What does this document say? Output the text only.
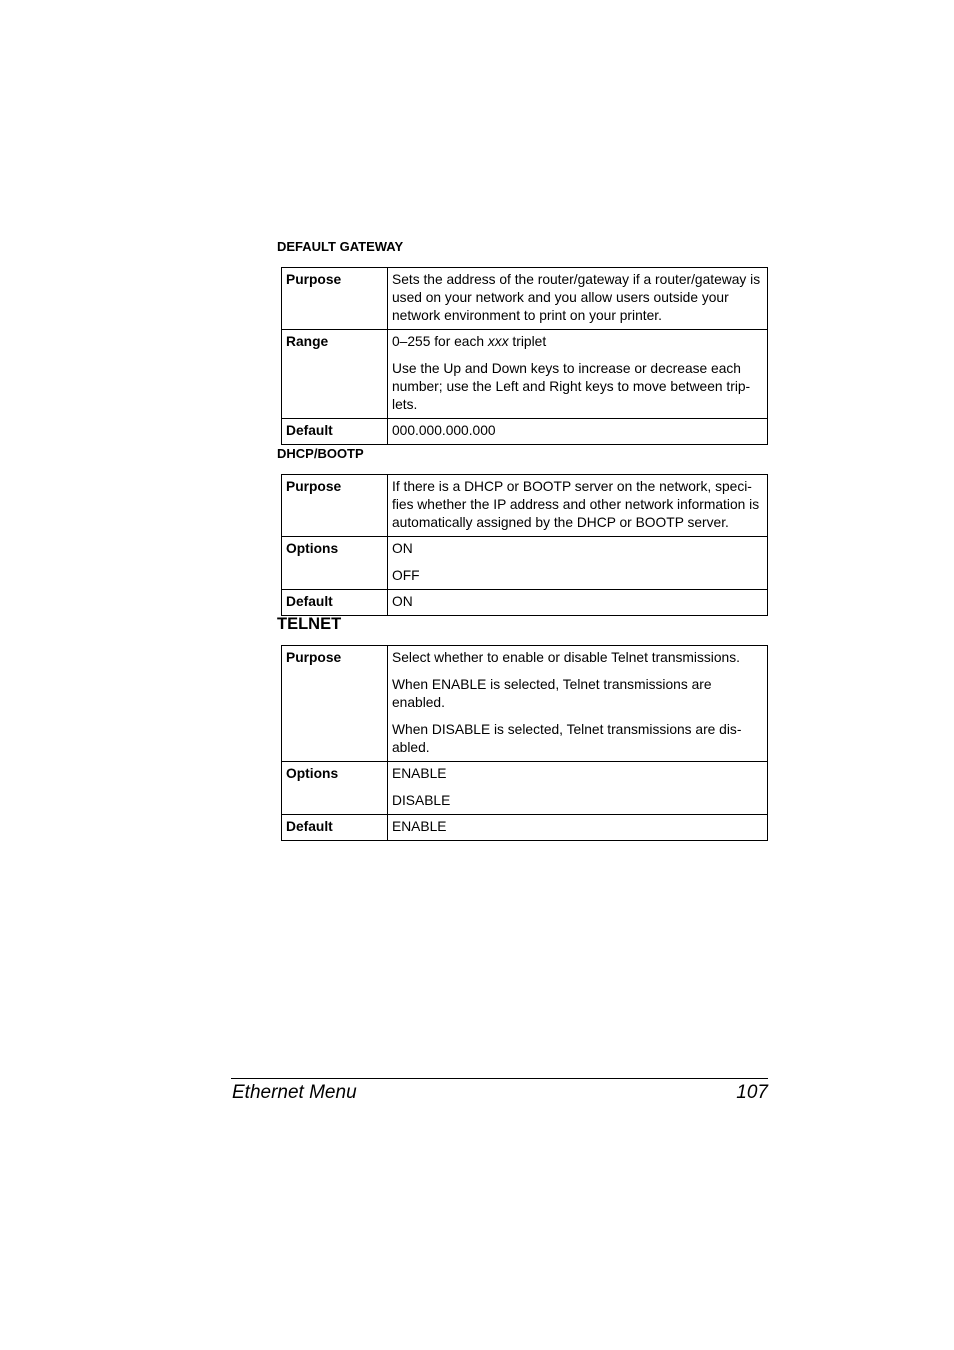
DEFAULT GATEWAY
Purpose	Sets the address of the router/gateway if a router/gateway is used on your network and you allow users outside your network environment to print on your printer.

Range	0–255 for each xxx triplet

Use the Up and Down keys to increase or decrease each number; use the Left and Right keys to move between trip-lets.

Default	000.000.000.000

DHCP/BOOTP
Purpose	If there is a DHCP or BOOTP server on the network, speci-fies whether the IP address and other network information is automatically assigned by the DHCP or BOOTP server.

Options	ON

OFF

Default	ON

TELNET
Purpose	Select whether to enable or disable Telnet transmissions.

When ENABLE is selected, Telnet transmissions are enabled.

When DISABLE is selected, Telnet transmissions are dis-abled.

Options	ENABLE

DISABLE

Default	ENABLE

Ethernet Menu	107
